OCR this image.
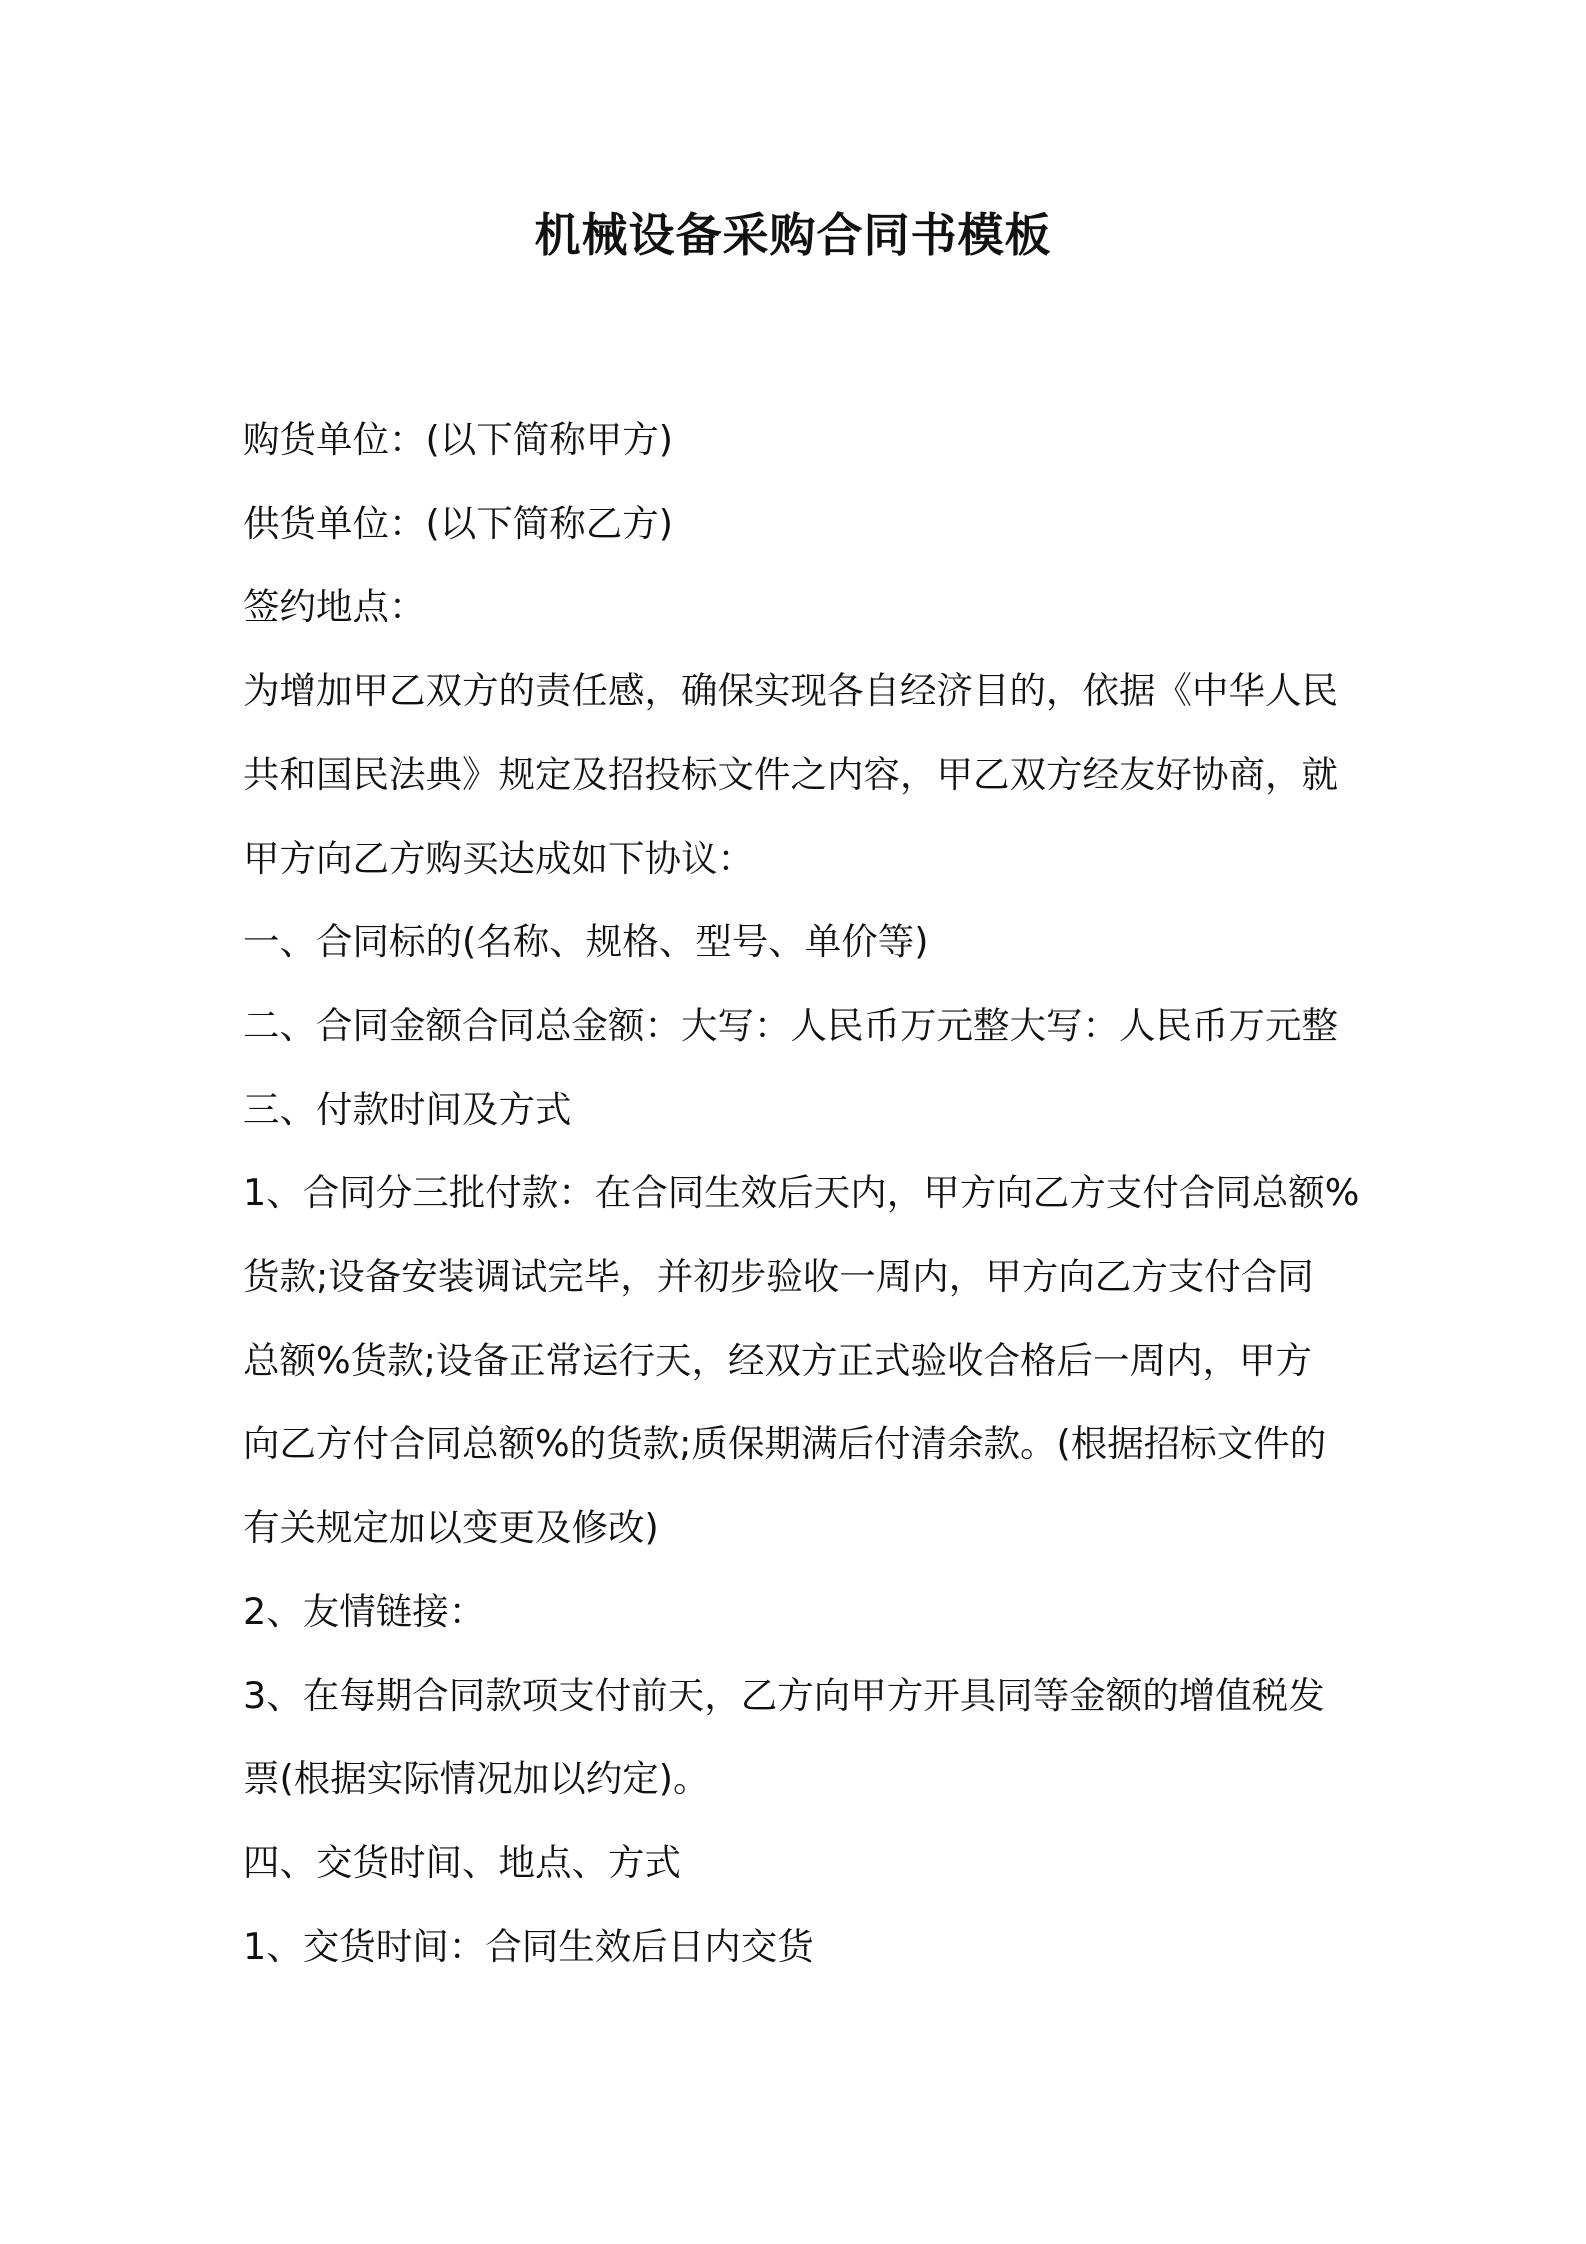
机械设备采购合同书模板

购货单位：(以下简称甲方)

供货单位：(以下简称乙方)

签约地点：

为增加甲乙双方的责任感，确保实现各自经济目的，依据《中华人民

共和国民法典》规定及招投标文件之内容，甲乙双方经友好协商，就

甲方向乙方购买达成如下协议：

一、合同标的(名称、规格、型号、单价等)

二、合同金额合同总金额：大写：人民币万元整大写：人民币万元整

三、付款时间及方式

1、合同分三批付款：在合同生效后天内，甲方向乙方支付合同总额%

货款;设备安装调试完毕，并初步验收一周内，甲方向乙方支付合同

总额%货款;设备正常运行天，经双方正式验收合格后一周内，甲方

向乙方付合同总额%的货款;质保期满后付清余款。(根据招标文件的

有关规定加以变更及修改)

2、友情链接：

3、在每期合同款项支付前天，乙方向甲方开具同等金额的增值税发

票(根据实际情况加以约定)。

四、交货时间、地点、方式

1、交货时间：合同生效后日内交货
